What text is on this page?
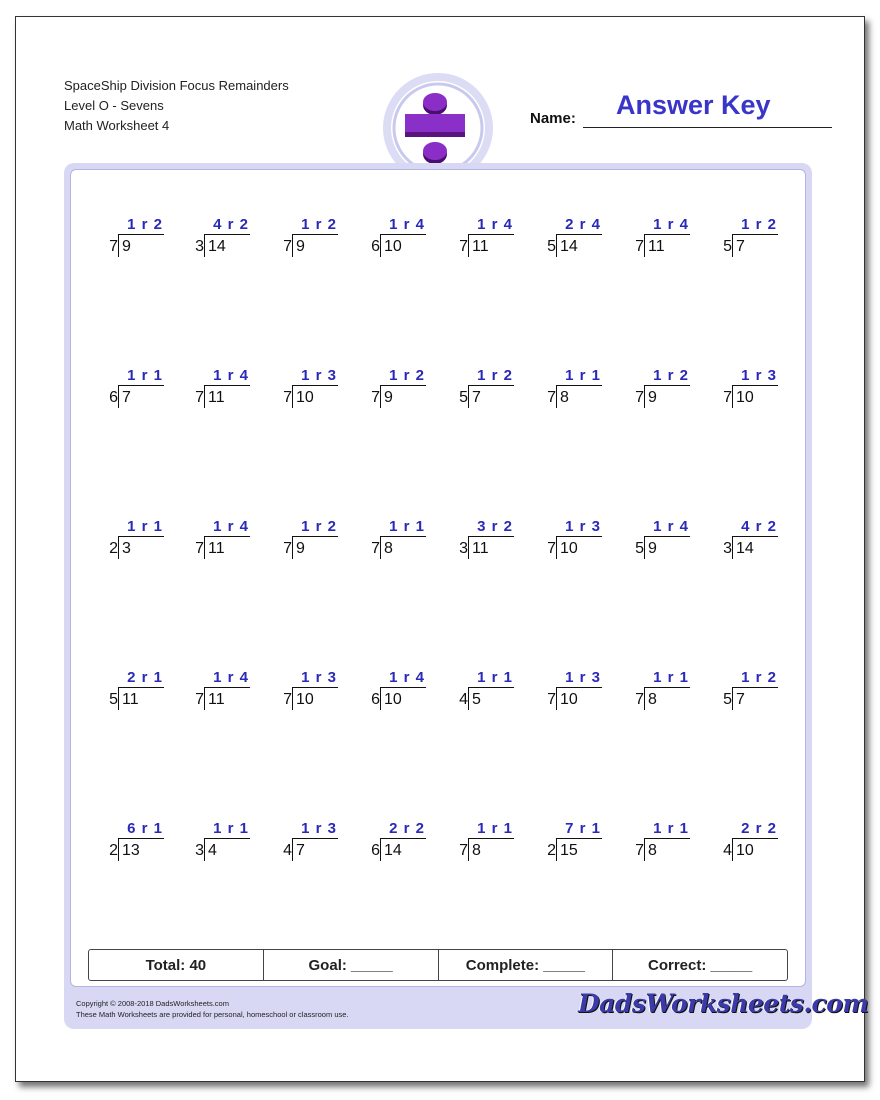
SpaceShip Division Focus Remainders
Level O - Sevens
Math Worksheet 4	Name: Answer Key
1 r 2
7 9
4 r 2
3 14
1 r 2
7 9
1 r 4
6 10
1 r 4
7 11
2 r 4
5 14
1 r 4
7 11
1 r 2
5 7
1 r 1
6 7
1 r 4
7 11
1 r 3
7 10
1 r 2
7 9
1 r 2
5 7
1 r 1
7 8
1 r 2
7 9
1 r 3
7 10
1 r 1
2 3
1 r 4
7 11
1 r 2
7 9
1 r 1
7 8
3 r 2
3 11
1 r 3
7 10
1 r 4
5 9
4 r 2
3 14
2 r 1
5 11
1 r 4
7 11
1 r 3
7 10
1 r 4
6 10
1 r 1
4 5
1 r 3
7 10
1 r 1
7 8
1 r 2
5 7
6 r 1
2 13
1 r 1
3 4
1 r 3
4 7
2 r 2
6 14
1 r 1
7 8
7 r 1
2 15
1 r 1
7 8
2 r 2
4 10
Total: 40	Goal: _____	Complete: _____	Correct: _____
Copyright © 2008-2018 DadsWorksheets.com
These Math Worksheets are provided for personal, homeschool or classroom use.	DadsWorksheets.com
